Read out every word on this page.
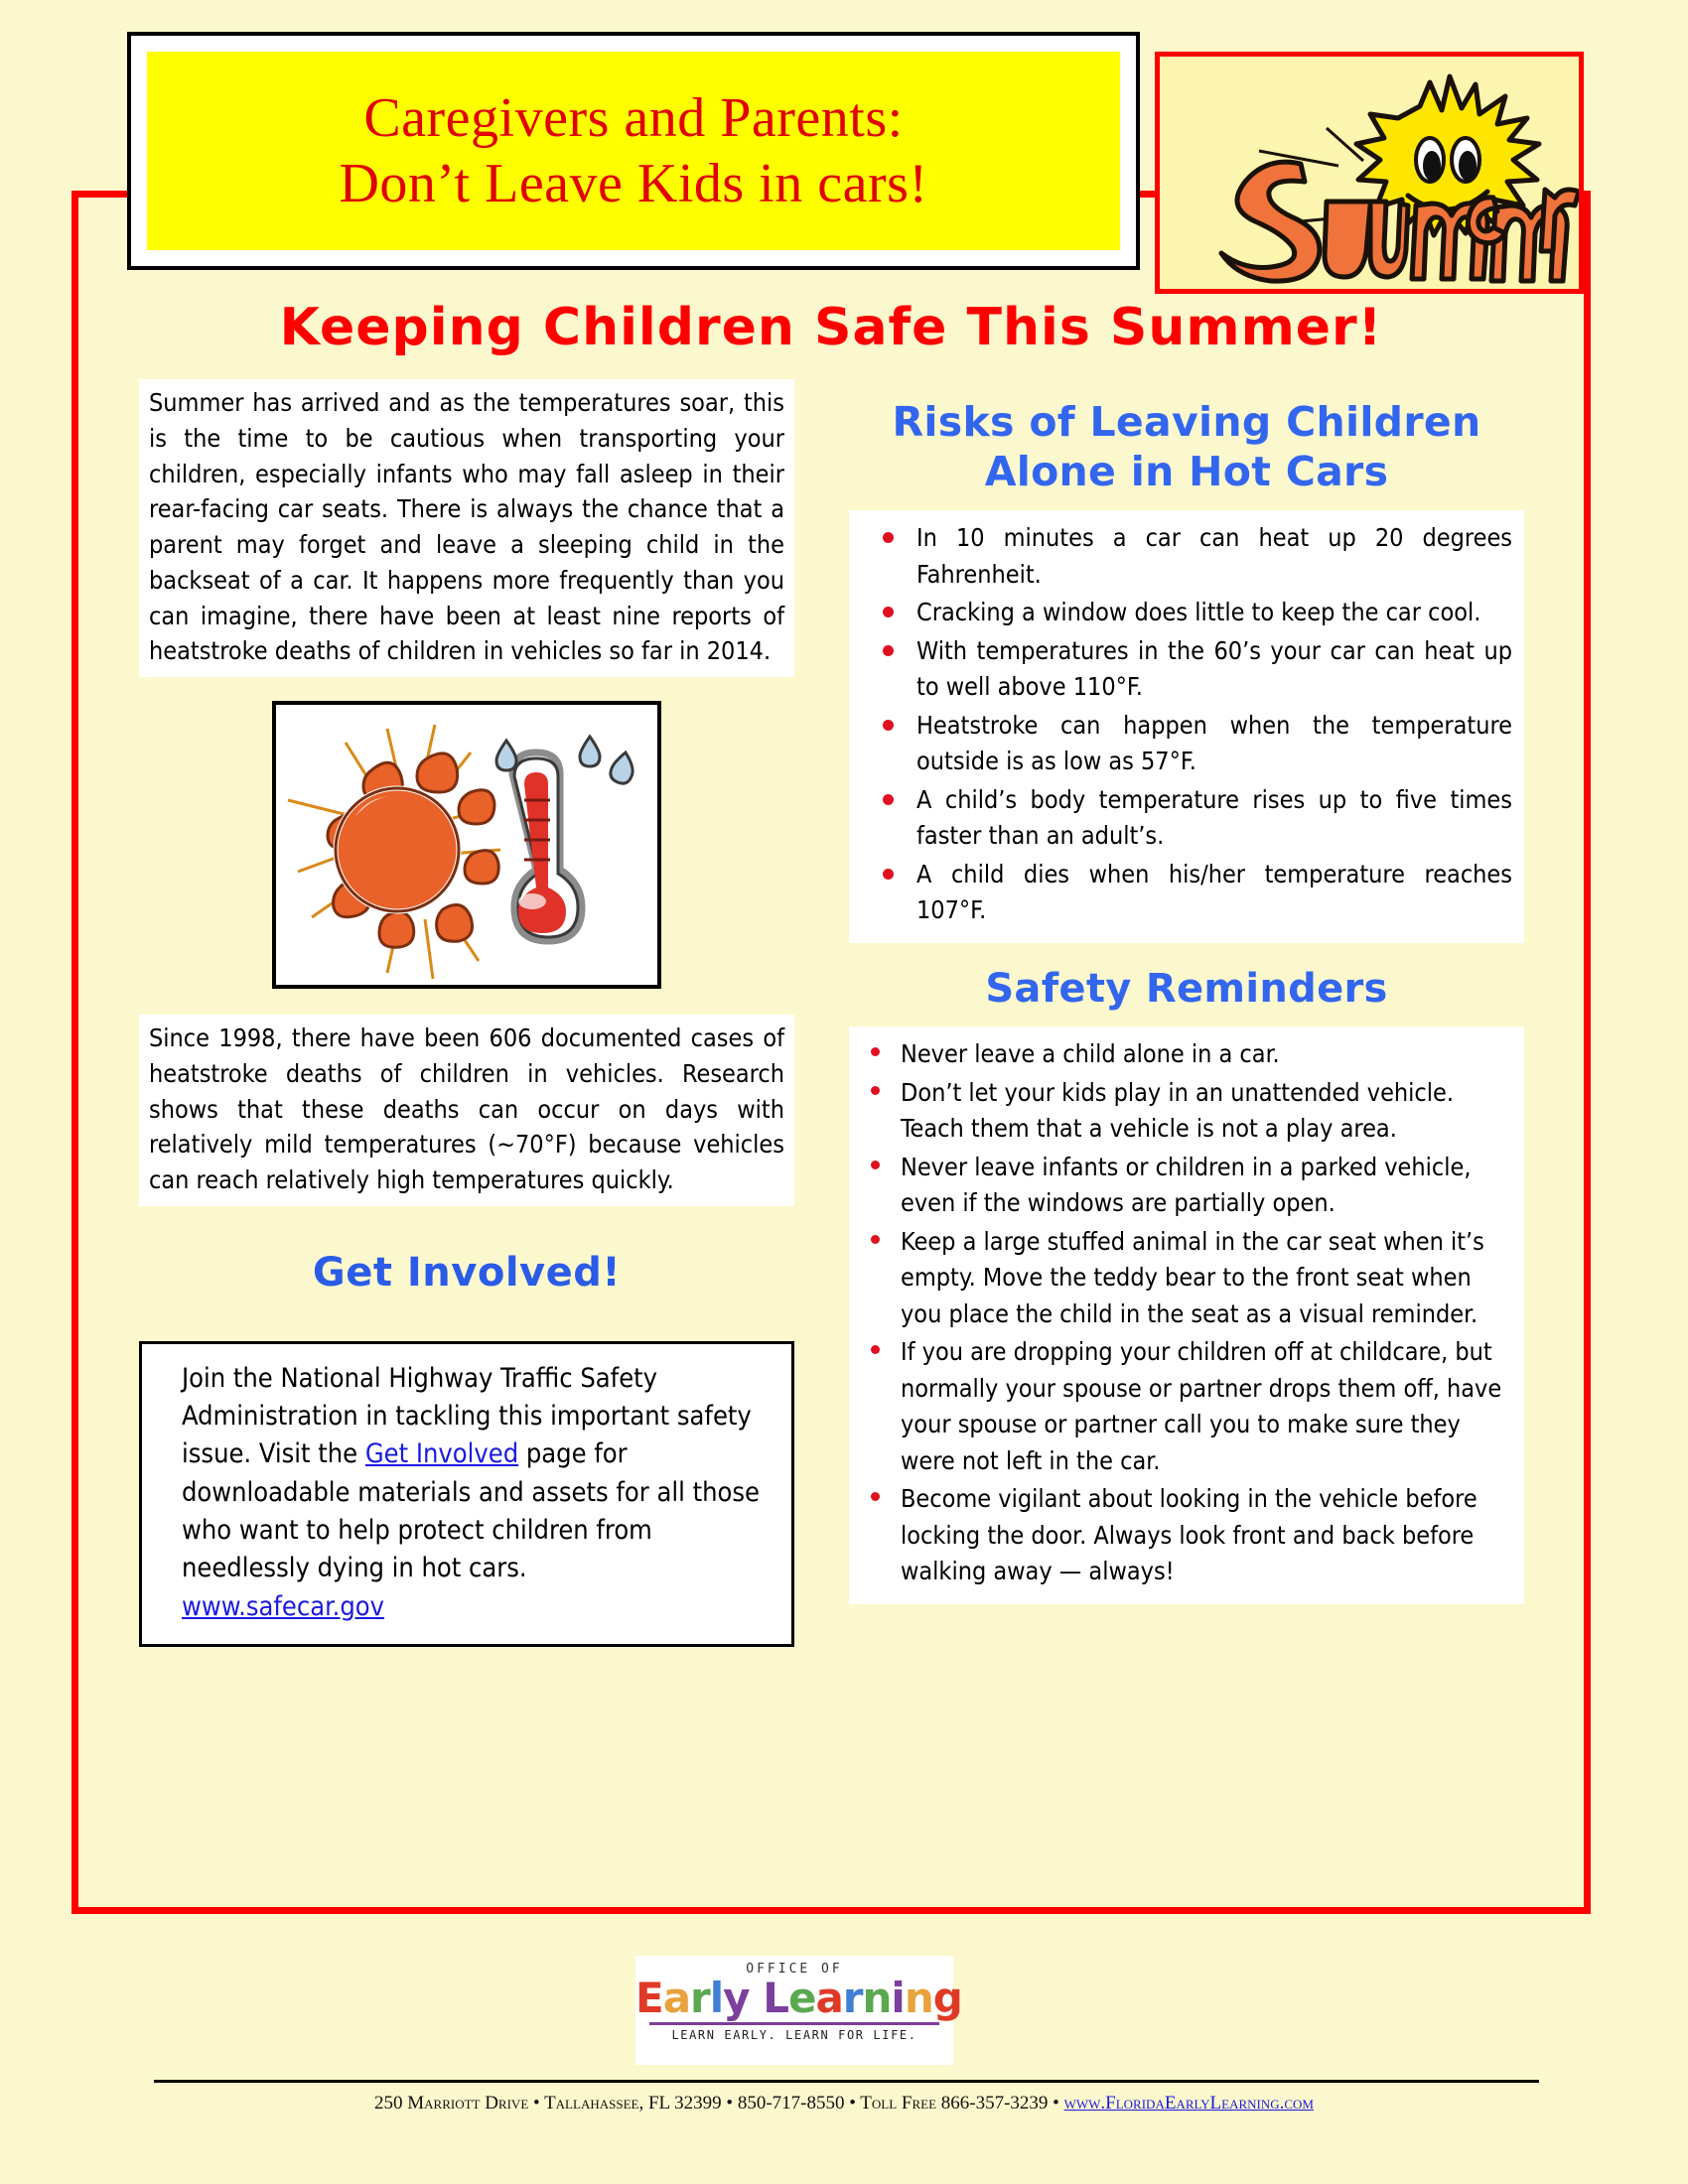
Caregivers and Parents:
Don’t Leave Kids in cars!
Keeping Children Safe This Summer!
Summer has arrived and as the temperatures soar, this is the time to be cautious when transporting your children, especially infants who may fall asleep in their rear-facing car seats. There is always the chance that a parent may forget and leave a sleeping child in the backseat of a car. It happens more frequently than you can imagine, there have been at least nine reports of heatstroke deaths of children in vehicles so far in 2014.
Since 1998, there have been 606 documented cases of heatstroke deaths of children in vehicles. Research shows that these deaths can occur on days with relatively mild temperatures (~70°F) because vehicles can reach relatively high temperatures quickly.
Get Involved!
Join the National Highway Traffic Safety Administration in tackling this important safety issue. Visit the Get Involved page for downloadable materials and assets for all those who want to help protect children from needlessly dying in hot cars.
www.safecar.gov
Risks of Leaving Children
Alone in Hot Cars
In 10 minutes a car can heat up 20 degrees Fahrenheit.
Cracking a window does little to keep the car cool.
With temperatures in the 60’s your car can heat up to well above 110°F.
Heatstroke can happen when the temperature outside is as low as 57°F.
A child’s body temperature rises up to five times faster than an adult’s.
A child dies when his/her temperature reaches 107°F.
Safety Reminders
Never leave a child alone in a car.
Don’t let your kids play in an unattended vehicle. Teach them that a vehicle is not a play area.
Never leave infants or children in a parked vehicle, even if the windows are partially open.
Keep a large stuffed animal in the car seat when it’s empty. Move the teddy bear to the front seat when you place the child in the seat as a visual reminder.
If you are dropping your children off at childcare, but normally your spouse or partner drops them off, have your spouse or partner call you to make sure they were not left in the car.
Become vigilant about looking in the vehicle before locking the door. Always look front and back before walking away — always!
OFFICE OF
Early Learning
LEARN EARLY. LEARN FOR LIFE.
250 Marriott Drive • Tallahassee, FL 32399 • 850-717-8550 • Toll Free 866-357-3239 • www.FloridaEarlyLearning.com
